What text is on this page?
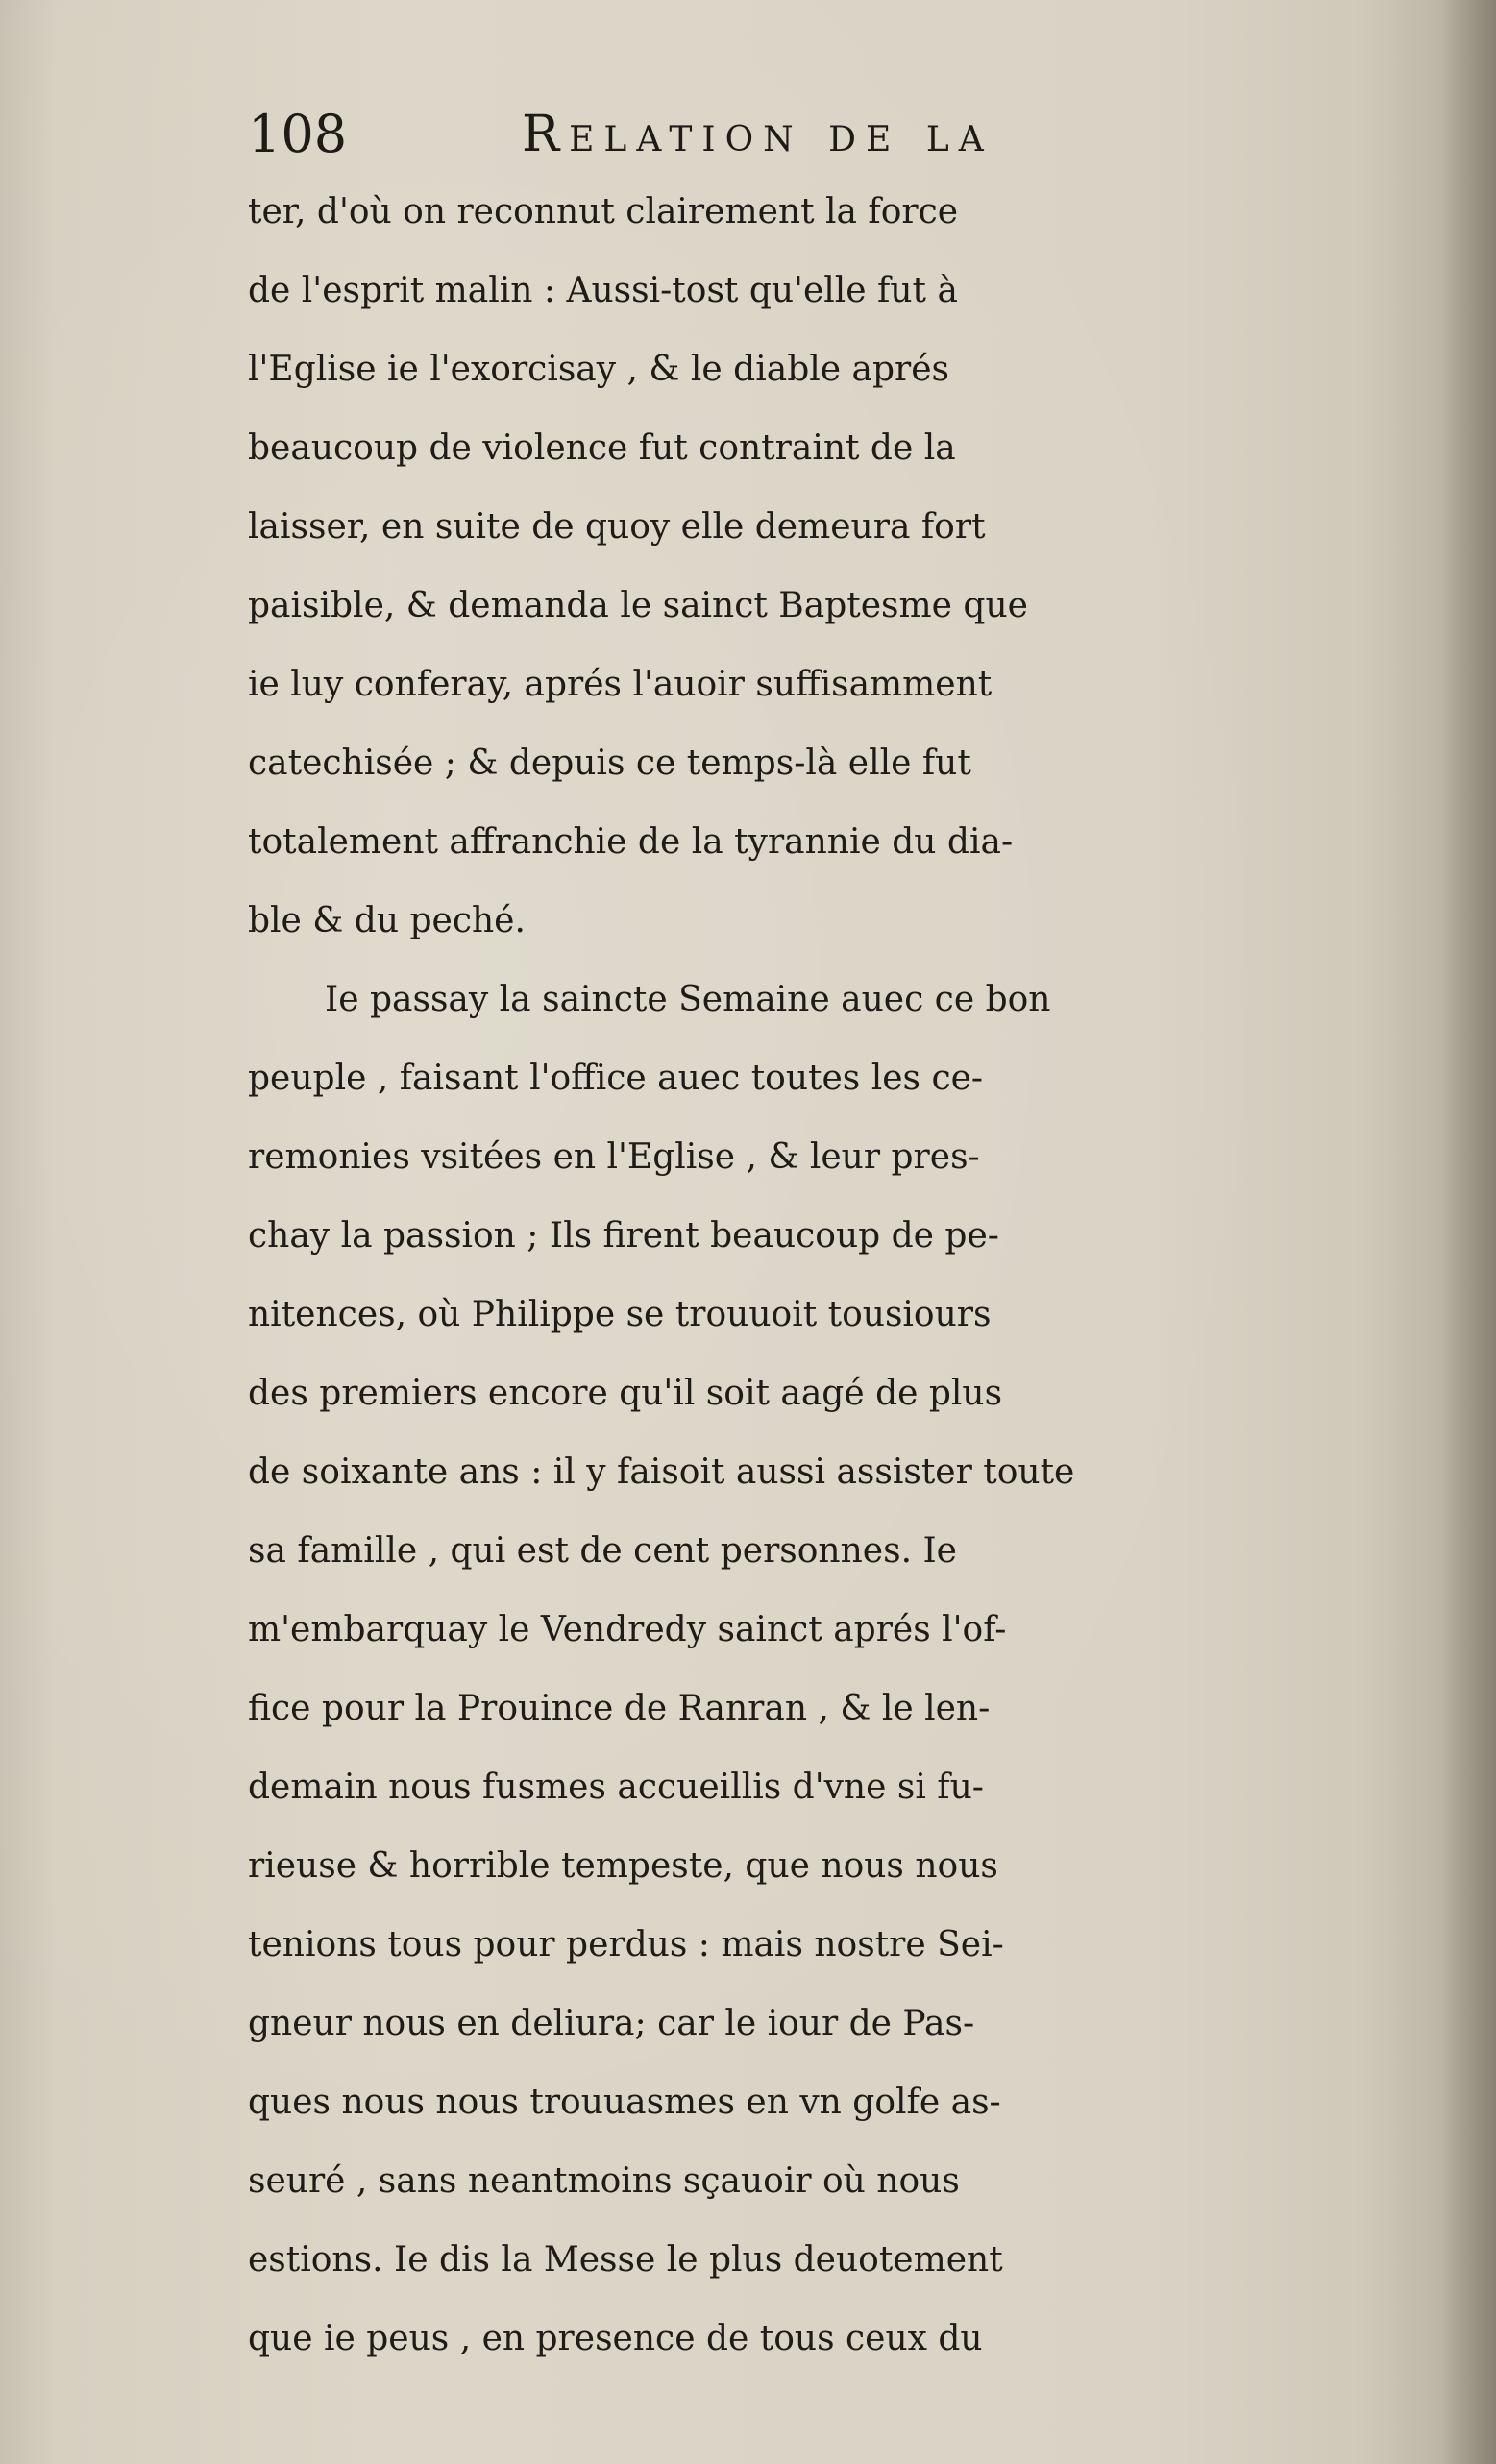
108	Relation de la
ter, d'où on reconnut clairement la force
de l'esprit malin : Aussi-tost qu'elle fut à
l'Eglise ie l'exorcisay , & le diable aprés
beaucoup de violence fut contraint de la
laisser, en suite de quoy elle demeura fort
paisible, & demanda le sainct Baptesme que
ie luy conferay, aprés l'auoir suffisamment
catechisée ; & depuis ce temps-là elle fut
totalement affranchie de la tyrannie du dia-
ble & du peché.
Ie passay la saincte Semaine auec ce bon
peuple , faisant l'office auec toutes les ce-
remonies vsitées en l'Eglise , & leur pres-
chay la passion ; Ils firent beaucoup de pe-
nitences, où Philippe se trouuoit tousiours
des premiers encore qu'il soit aagé de plus
de soixante ans : il y faisoit aussi assister toute
sa famille , qui est de cent personnes. Ie
m'embarquay le Vendredy sainct aprés l'of-
fice pour la Prouince de Ranran , & le len-
demain nous fusmes accueillis d'vne si fu-
rieuse & horrible tempeste, que nous nous
tenions tous pour perdus : mais nostre Sei-
gneur nous en deliura; car le iour de Pas-
ques nous nous trouuasmes en vn golfe as-
seuré , sans neantmoins sçauoir où nous
estions. Ie dis la Messe le plus deuotement
que ie peus , en presence de tous ceux du
